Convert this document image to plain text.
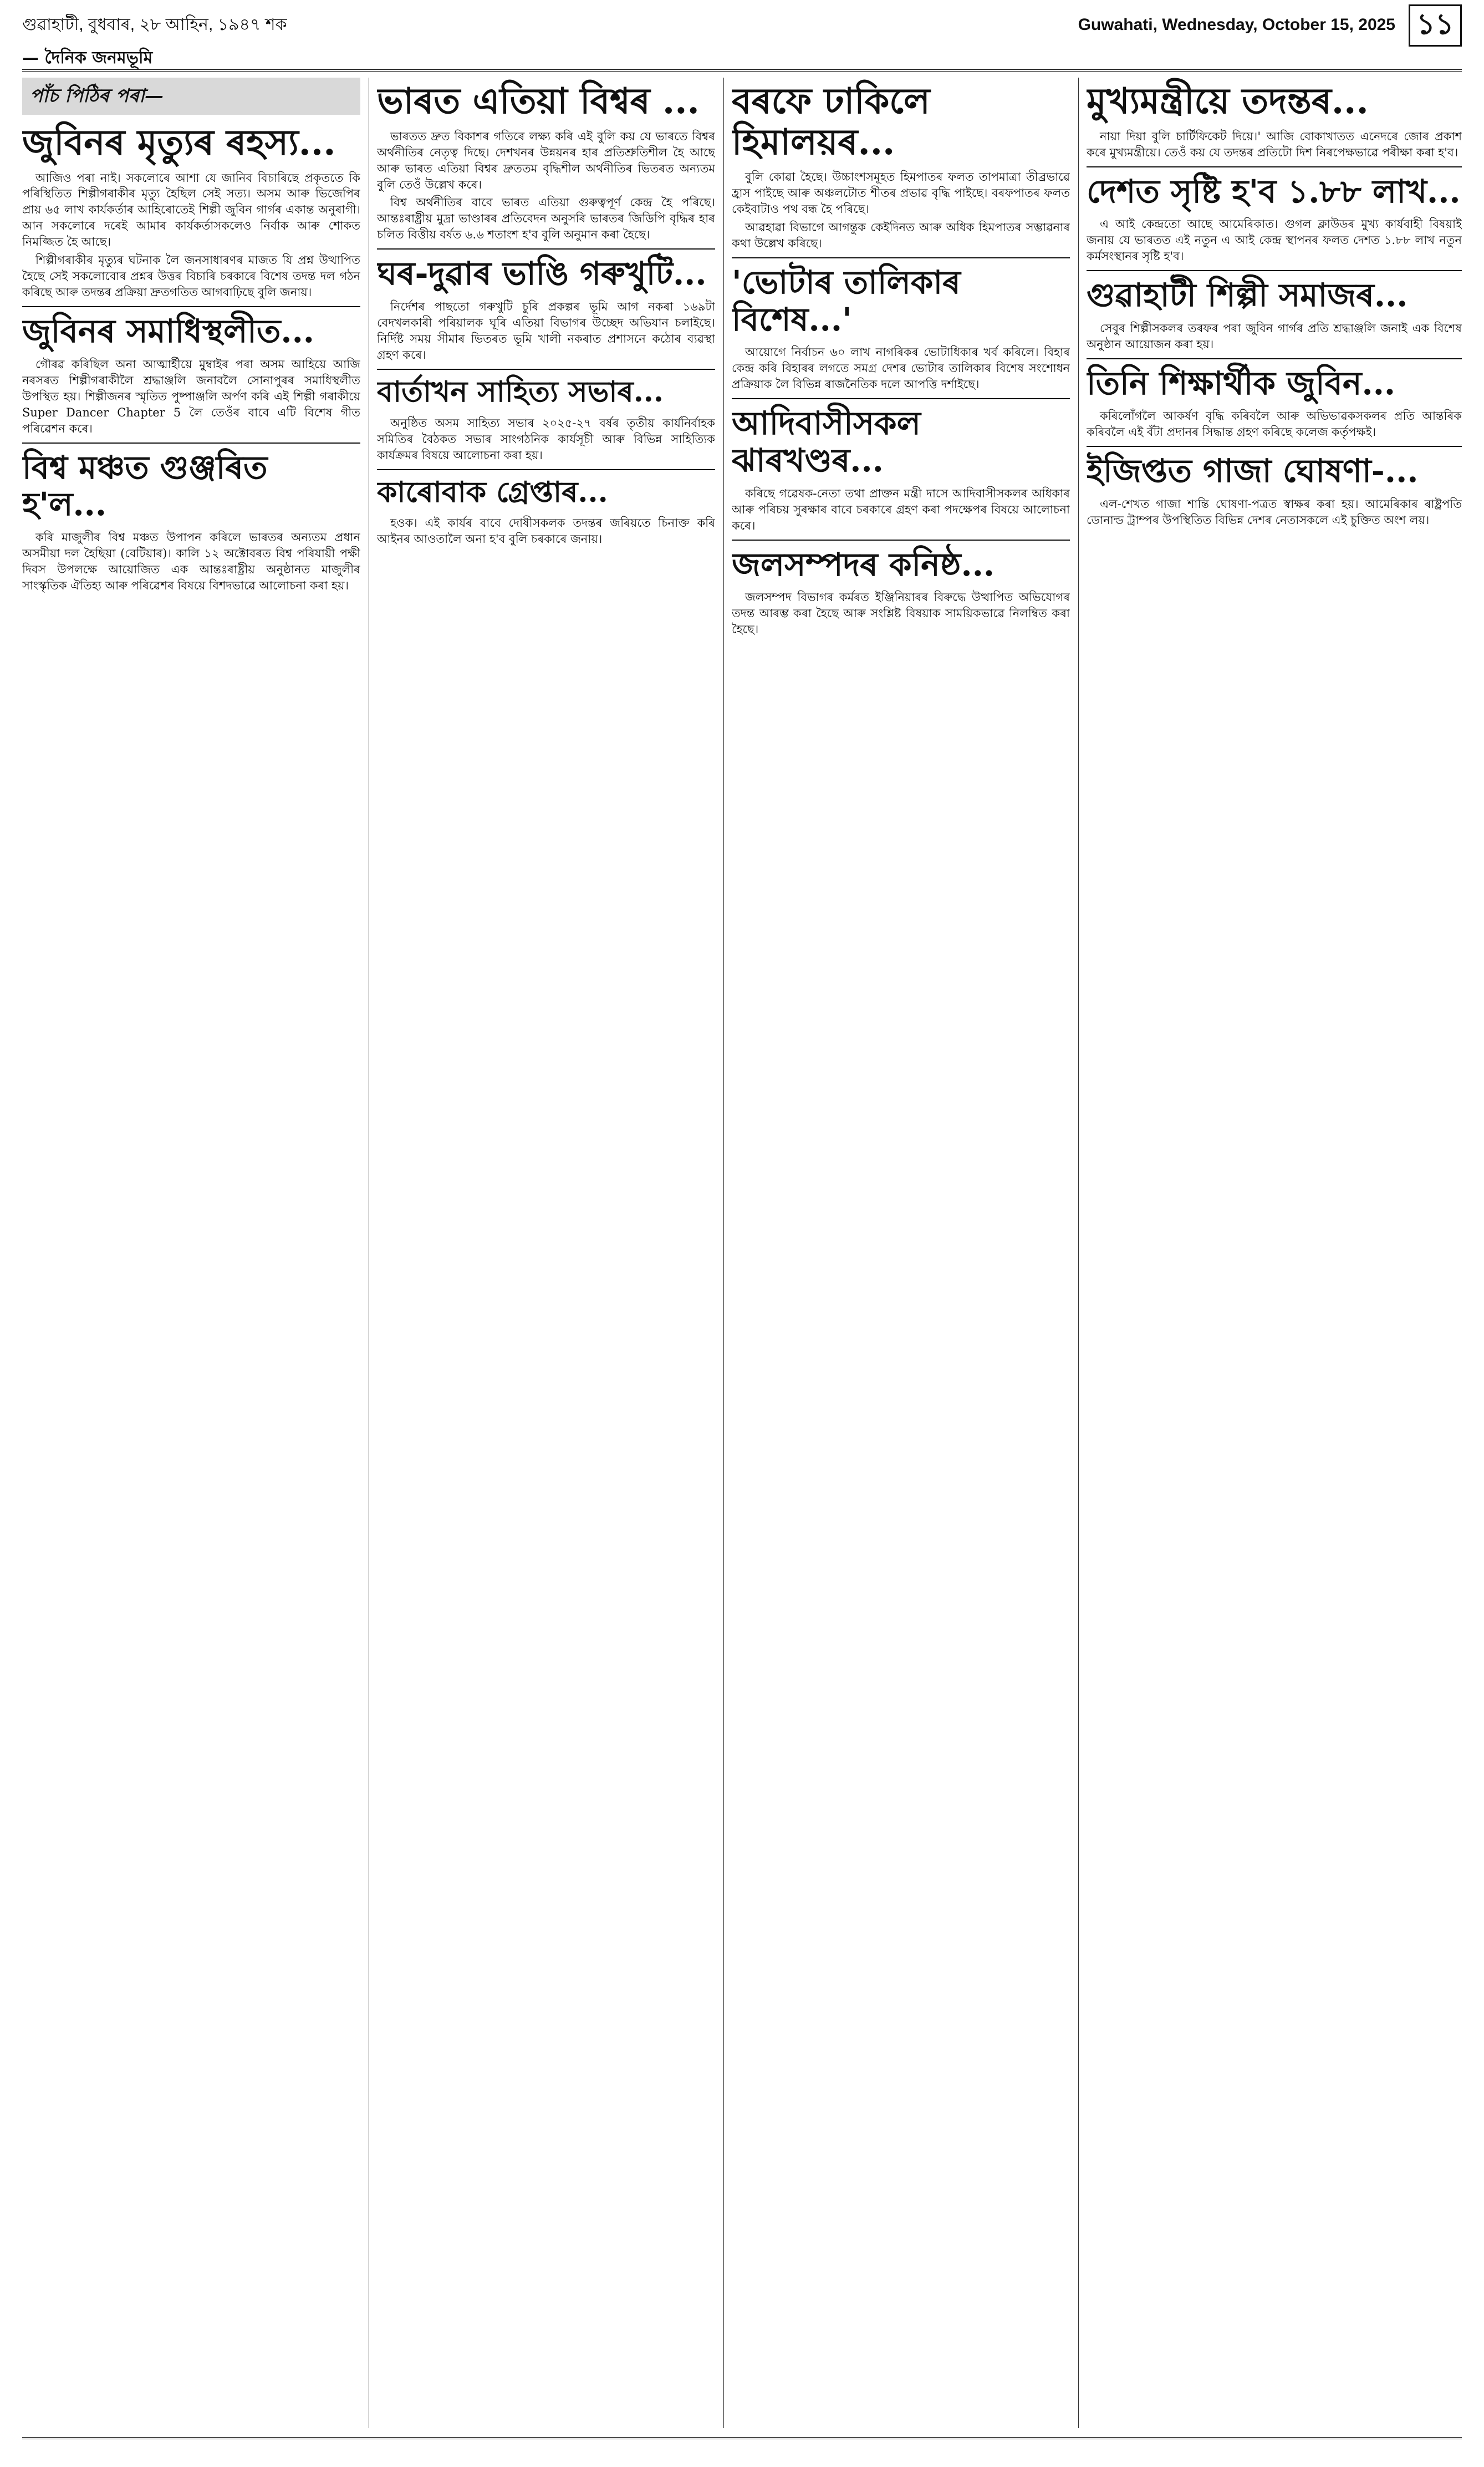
গুৱাহাটী, বুধবাৰ, ২৮ আহিন, ১৯৪৭ শক	Guwahati, Wednesday, October 15, 2025 ১১
— দৈনিক জনমভূমি
পাঁচ পিঠিৰ পৰা—
জুবিনৰ মৃত্যুৰ ৰহস্য...

আজিও পৰা নাই। সকলোৰে আশা যে জানিব বিচাৰিছে প্ৰকৃততে কি পৰিস্থিতিত শিল্পীগৰাকীৰ মৃত্যু হৈছিল সেই সত্য। অসম আৰু ভিজেপিৰ প্ৰায় ৬৫ লাখ কাৰ্যকৰ্তাৰ আহিৰোতেই শিল্পী জুবিন গাৰ্গৰ একান্ত অনুৰাগী। আন সকলোৰে দৰেই আমাৰ কাৰ্যকৰ্তাসকলেও নিৰ্বাক আৰু শোকত নিমজ্জিত হৈ আছে।

শিল্পীগৰাকীৰ মৃত্যুৰ ঘটনাক লৈ জনসাধাৰণৰ মাজত যি প্ৰশ্ন উত্থাপিত হৈছে সেই সকলোবোৰ প্ৰশ্নৰ উত্তৰ বিচাৰি চৰকাৰে বিশেষ তদন্ত দল গঠন কৰিছে আৰু তদন্তৰ প্ৰক্ৰিয়া দ্ৰুতগতিত আগবাঢ়িছে বুলি জনায়।

জুবিনৰ সমাধিস্থলীত...

গৌৰৱ কৰিছিল অনা আত্মাৰ্হীয়ে মুম্বাইৰ পৰা অসম আহিয়ে আজি নৰসৰত শিল্পীগৰাকীলৈ শ্ৰদ্ধাঞ্জলি জনাবলৈ সোনাপুৰৰ সমাধিস্থলীত উপস্থিত হয়। শিল্পীজনৰ স্মৃতিত পুষ্পাঞ্জলি অৰ্পণ কৰি এই শিল্পী গৰাকীয়ে Super Dancer Chapter 5 লৈ তেওঁৰ বাবে এটি বিশেষ গীত পৰিৱেশন কৰে।

বিশ্ব মঞ্চত গুঞ্জৰিত হ'ল...

কৰি মাজুলীৰ বিশ্ব মঞ্চত উপাপন কৰিলে ভাৰতৰ অন্যতম প্ৰধান অসমীয়া দল হৈছিয়া (বেটিয়াৰ)। কালি ১২ অক্টোবৰত বিশ্ব পৰিযায়ী পক্ষী দিবস উপলক্ষে আয়োজিত এক আন্তঃৰাষ্ট্ৰীয় অনুষ্ঠানত মাজুলীৰ সাংস্কৃতিক ঐতিহ্য আৰু পৰিৱেশৰ বিষয়ে বিশদভাৱে আলোচনা কৰা হয়।

ভাৰত এতিয়া বিশ্বৰ ...

ভাৰতত দ্ৰুত বিকাশৰ গতিৰে লক্ষ্য কৰি এই বুলি কয় যে ভাৰতে বিশ্বৰ অৰ্থনীতিৰ নেতৃত্ব দিছে। দেশখনৰ উন্নয়নৰ হাৰ প্ৰতিশ্ৰুতিশীল হৈ আছে আৰু ভাৰত এতিয়া বিশ্বৰ দ্ৰুততম বৃদ্ধিশীল অৰ্থনীতিৰ ভিতৰত অন্যতম বুলি তেওঁ উল্লেখ কৰে।

বিশ্ব অৰ্থনীতিৰ বাবে ভাৰত এতিয়া গুৰুত্বপূৰ্ণ কেন্দ্ৰ হৈ পৰিছে। আন্তঃৰাষ্ট্ৰীয় মুদ্ৰা ভাণ্ডাৰৰ প্ৰতিবেদন অনুসৰি ভাৰতৰ জিডিপি বৃদ্ধিৰ হাৰ চলিত বিত্তীয় বৰ্ষত ৬.৬ শতাংশ হ'ব বুলি অনুমান কৰা হৈছে।

ঘৰ-দুৱাৰ ভাঙি গৰুখুটি...

নিৰ্দেশৰ পাছতো গৰুখুটি চুৰি প্ৰকল্পৰ ভূমি আগ নকৰা ১৬৯টা বেদখলকাৰী পৰিয়ালক ঘূৰি এতিয়া বিভাগৰ উচ্ছেদ অভিযান চলাইছে। নিৰ্দিষ্ট সময় সীমাৰ ভিতৰত ভূমি খালী নকৰাত প্ৰশাসনে কঠোৰ ব্যৱস্থা গ্ৰহণ কৰে।

বাৰ্তাখন সাহিত্য সভাৰ...

অনুষ্ঠিত অসম সাহিত্য সভাৰ ২০২৫-২৭ বৰ্ষৰ তৃতীয় কাৰ্যনিৰ্বাহক সমিতিৰ বৈঠকত সভাৰ সাংগঠনিক কাৰ্যসূচী আৰু বিভিন্ন সাহিত্যিক কাৰ্যক্ৰমৰ বিষয়ে আলোচনা কৰা হয়।

কাৰোবাক গ্ৰেপ্তাৰ...

হওক। এই কাৰ্যৰ বাবে দোষীসকলক তদন্তৰ জৰিয়তে চিনাক্ত কৰি আইনৰ আওতালৈ অনা হ'ব বুলি চৰকাৰে জনায়।

বৰফে ঢাকিলে হিমালয়ৰ...

বুলি কোৱা হৈছে। উচ্চাংশসমূহত হিমপাতৰ ফলত তাপমাত্ৰা তীব্ৰভাৱে হ্ৰাস পাইছে আৰু অঞ্চলটোত শীতৰ প্ৰভাৱ বৃদ্ধি পাইছে। বৰফপাতৰ ফলত কেইবাটাও পথ বন্ধ হৈ পৰিছে।

আৱহাৱা বিভাগে আগন্তুক কেইদিনত আৰু অধিক হিমপাতৰ সম্ভাৱনাৰ কথা উল্লেখ কৰিছে।

'ভোটাৰ তালিকাৰ বিশেষ...'

আয়োগে নিৰ্বাচন ৬০ লাখ নাগৰিকৰ ভোটাধিকাৰ খৰ্ব কৰিলে। বিহাৰ কেন্দ্ৰ কৰি বিহাৰৰ লগতে সমগ্ৰ দেশৰ ভোটাৰ তালিকাৰ বিশেষ সংশোধন প্ৰক্ৰিয়াক লৈ বিভিন্ন ৰাজনৈতিক দলে আপত্তি দৰ্শাইছে।

আদিবাসীসকল ঝাৰখণ্ডৰ...

কৰিছে গৱেষক-নেতা তথা প্ৰাক্তন মন্ত্ৰী দাসে আদিবাসীসকলৰ অধিকাৰ আৰু পৰিচয় সুৰক্ষাৰ বাবে চৰকাৰে গ্ৰহণ কৰা পদক্ষেপৰ বিষয়ে আলোচনা কৰে।

জলসম্পদৰ কনিষ্ঠ...

জলসম্পদ বিভাগৰ কৰ্মৰত ইঞ্জিনিয়াৰৰ বিৰুদ্ধে উত্থাপিত অভিযোগৰ তদন্ত আৰম্ভ কৰা হৈছে আৰু সংশ্লিষ্ট বিষয়াক সাময়িকভাৱে নিলম্বিত কৰা হৈছে।

মুখ্যমন্ত্ৰীয়ে তদন্তৰ...

নায়া দিয়া বুলি চাৰ্টিফিকেট দিয়ে।' আজি বোকাখাতত এনেদৰে জোৰ প্ৰকাশ কৰে মুখ্যমন্ত্ৰীয়ে। তেওঁ কয় যে তদন্তৰ প্ৰতিটো দিশ নিৰপেক্ষভাৱে পৰীক্ষা কৰা হ'ব।

দেশত সৃষ্টি হ'ব ১.৮৮ লাখ...

এ আই কেন্দ্ৰতো আছে আমেৰিকাত। গুগল ক্লাউডৰ মুখ্য কাৰ্যবাহী বিষয়াই জনায় যে ভাৰতত এই নতুন এ আই কেন্দ্ৰ স্থাপনৰ ফলত দেশত ১.৮৮ লাখ নতুন কৰ্মসংস্থানৰ সৃষ্টি হ'ব।

গুৱাহাটী শিল্পী সমাজৰ...

সেবুৰ শিল্পীসকলৰ তৰফৰ পৰা জুবিন গাৰ্গৰ প্ৰতি শ্ৰদ্ধাঞ্জলি জনাই এক বিশেষ অনুষ্ঠান আয়োজন কৰা হয়।

তিনি শিক্ষাৰ্থীক জুবিন...

কৰিলোঁগলৈ আকৰ্ষণ বৃদ্ধি কৰিবলৈ আৰু অভিভাৱকসকলৰ প্ৰতি আন্তৰিক কৰিবলৈ এই বঁটা প্ৰদানৰ সিদ্ধান্ত গ্ৰহণ কৰিছে কলেজ কৰ্তৃপক্ষই।

ইজিপ্তত গাজা ঘোষণা-...

এল-শেখত গাজা শান্তি ঘোষণা-পত্ৰত স্বাক্ষৰ কৰা হয়। আমেৰিকাৰ ৰাষ্ট্ৰপতি ডোনাল্ড ট্ৰাম্পৰ উপস্থিতিত বিভিন্ন দেশৰ নেতাসকলে এই চুক্তিত অংশ লয়।
